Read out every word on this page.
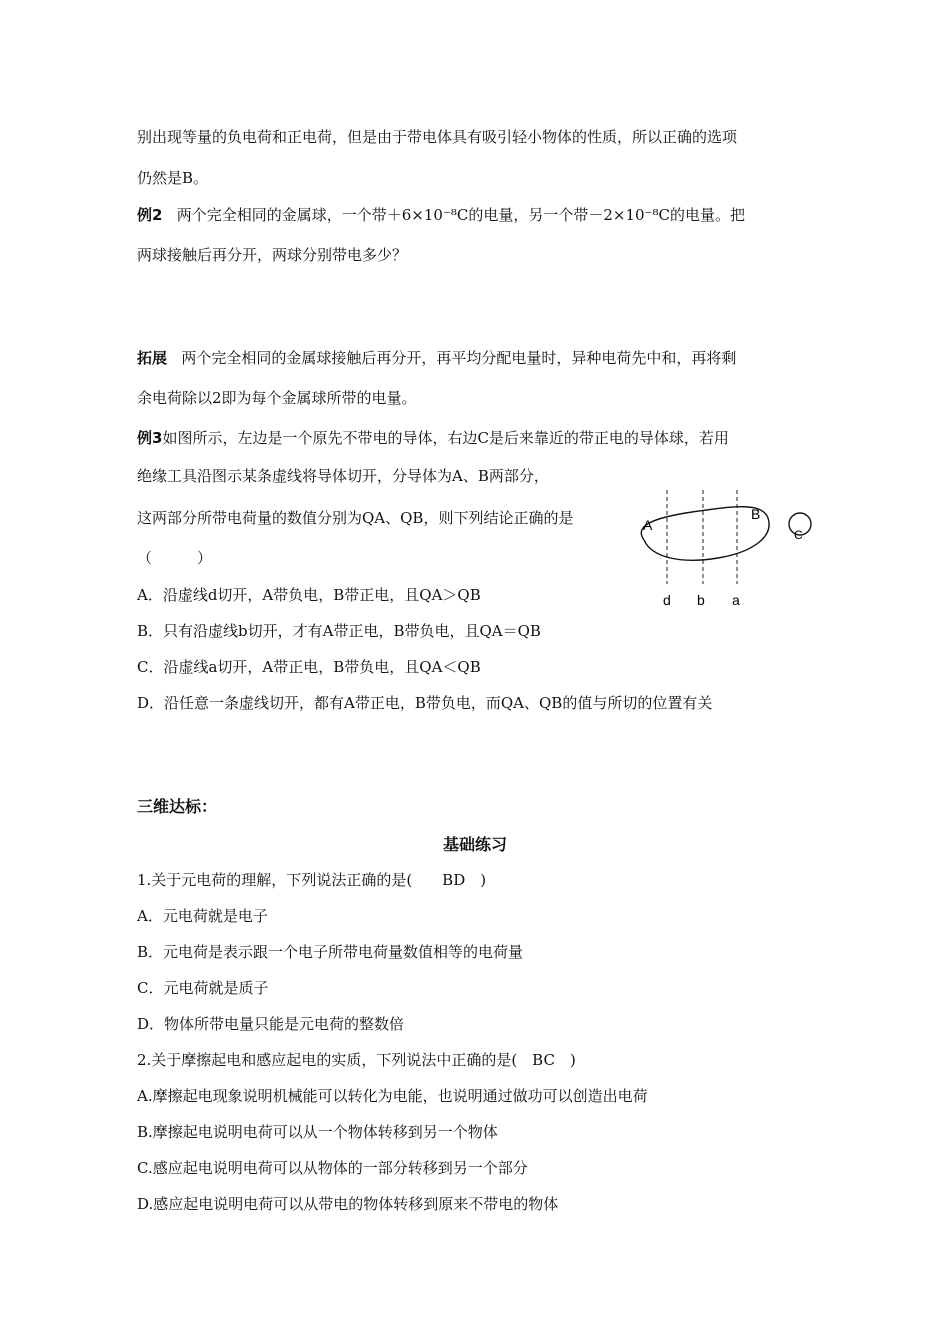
别出现等量的负电荷和正电荷，但是由于带电体具有吸引轻小物体的性质，所以正确的选项
仍然是B。
例2 两个完全相同的金属球，一个带＋6×10⁻⁸C的电量，另一个带－2×10⁻⁸C的电量。把
两球接触后再分开，两球分别带电多少？
拓展 两个完全相同的金属球接触后再分开，再平均分配电量时，异种电荷先中和，再将剩
余电荷除以2即为每个金属球所带的电量。
例3如图所示，左边是一个原先不带电的导体，右边C是后来靠近的带正电的导体球，若用
绝缘工具沿图示某条虚线将导体切开，分导体为A、B两部分，
这两部分所带电荷量的数值分别为QA、QB，则下列结论正确的是
（　　　）
A．沿虚线d切开，A带负电，B带正电，且QA＞QB
B．只有沿虚线b切开，才有A带正电，B带负电，且QA＝QB
C．沿虚线a切开，A带正电，B带负电，且QA＜QB
D．沿任意一条虚线切开，都有A带正电，B带负电，而QA、QB的值与所切的位置有关
A
B
C
d b a
三维达标：
基础练习
1.关于元电荷的理解，下列说法正确的是(　　BD　)
A．元电荷就是电子
B．元电荷是表示跟一个电子所带电荷量数值相等的电荷量
C．元电荷就是质子
D．物体所带电量只能是元电荷的整数倍
2.关于摩擦起电和感应起电的实质，下列说法中正确的是(　BC　)
A.摩擦起电现象说明机械能可以转化为电能，也说明通过做功可以创造出电荷
B.摩擦起电说明电荷可以从一个物体转移到另一个物体
C.感应起电说明电荷可以从物体的一部分转移到另一个部分
D.感应起电说明电荷可以从带电的物体转移到原来不带电的物体
